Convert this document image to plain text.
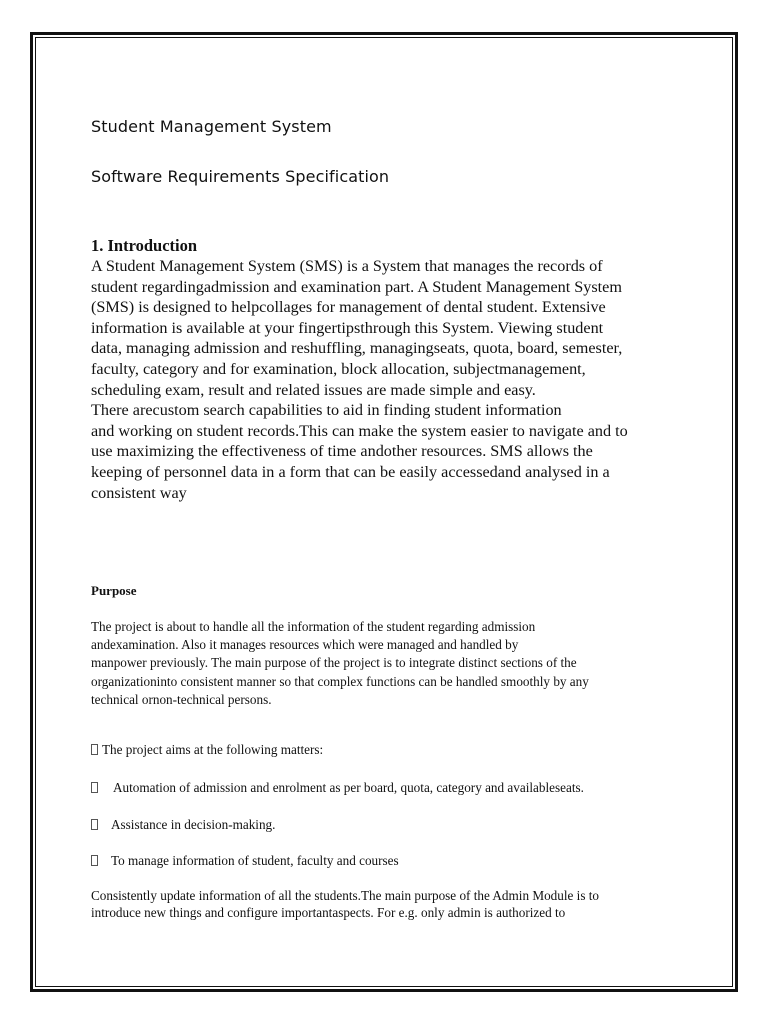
Student Management System
Software Requirements Specification
1. Introduction

A Student Management System (SMS) is a System that manages the records of

student regardingadmission and examination part. A Student Management System

(SMS) is designed to helpcollages for management of dental student. Extensive

information is available at your fingertipsthrough this System. Viewing student

data, managing admission and reshuffling, managingseats, quota, board, semester,

faculty, category and for examination, block allocation, subjectmanagement,

scheduling exam, result and related issues are made simple and easy.

There arecustom search capabilities to aid in finding student information

and working on student records.This can make the system easier to navigate and to

use maximizing the effectiveness of time andother resources. SMS allows the

keeping of personnel data in a form that can be easily accessedand analysed in a

consistent way

Purpose

The project is about to handle all the information of the student regarding admission

andexamination. Also it manages resources which were managed and handled by

manpower previously. The main purpose of the project is to integrate distinct sections of the

organizationinto consistent manner so that complex functions can be handled smoothly by any

technical ornon-technical persons.

The project aims at the following matters:
Automation of admission and enrolment as per board, quota, category and availableseats.
Assistance in decision-making.
To manage information of student, faculty and courses

Consistently update information of all the students.The main purpose of the Admin Module is to

introduce new things and configure importantaspects. For e.g. only admin is authorized to
